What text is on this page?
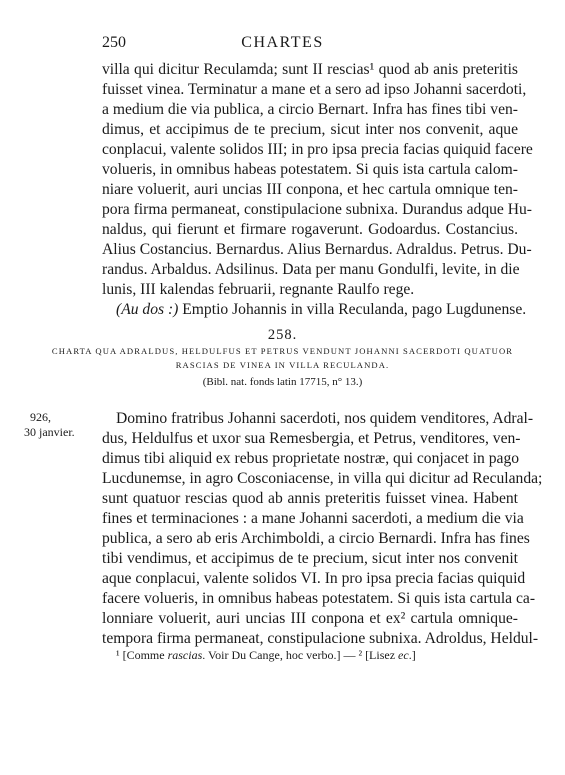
250	CHARTES
villa qui dicitur Reculamda; sunt II rescias¹ quod ab anis preteritis
fuisset vinea. Terminatur a mane et a sero ad ipso Johanni sacerdoti,
a medium die via publica, a circio Bernart. Infra has fines tibi ven-
dimus, et accipimus de te precium, sicut inter nos convenit, aque
conplacui, valente solidos III; in pro ipsa precia facias quiquid facere
volueris, in omnibus habeas potestatem. Si quis ista cartula calom-
niare voluerit, auri uncias III conpona, et hec cartula omnique ten-
pora firma permaneat, constipulacione subnixa. Durandus adque Hu-
naldus, qui fierunt et firmare rogaverunt. Godoardus. Costancius.
Alius Costancius. Bernardus. Alius Bernardus. Adraldus. Petrus. Du-
randus. Arbaldus. Adsilinus. Data per manu Gondulfi, levite, in die
lunis, III kalendas februarii, regnante Raulfo rege.
(Au dos :) Emptio Johannis in villa Reculanda, pago Lugdunense.
258.
CHARTA QUA ADRALDUS, HELDULFUS ET PETRUS VENDUNT JOHANNI SACERDOTI QUATUOR
RASCIAS DE VINEA IN VILLA RECULANDA.
(Bibl. nat. fonds latin 17715, n° 13.)
926,
30 janvier.
Domino fratribus Johanni sacerdoti, nos quidem venditores, Adral-
dus, Heldulfus et uxor sua Remesbergia, et Petrus, venditores, ven-
dimus tibi aliquid ex rebus proprietate nostræ, qui conjacet in pago
Lucdunemse, in agro Cosconiacense, in villa qui dicitur ad Reculanda;
sunt quatuor rescias quod ab annis preteritis fuisset vinea. Habent
fines et terminaciones : a mane Johanni sacerdoti, a medium die via
publica, a sero ab eris Archimboldi, a circio Bernardi. Infra has fines
tibi vendimus, et accipimus de te precium, sicut inter nos convenit
aque conplacui, valente solidos VI. In pro ipsa precia facias quiquid
facere volueris, in omnibus habeas potestatem. Si quis ista cartula ca-
lonniare voluerit, auri uncias III conpona et ex² cartula omnique-
tempora firma permaneat, constipulacione subnixa. Adroldus, Heldul-
¹ [Comme rascias. Voir Du Cange, hoc verbo.] — ² [Lisez ec.]
